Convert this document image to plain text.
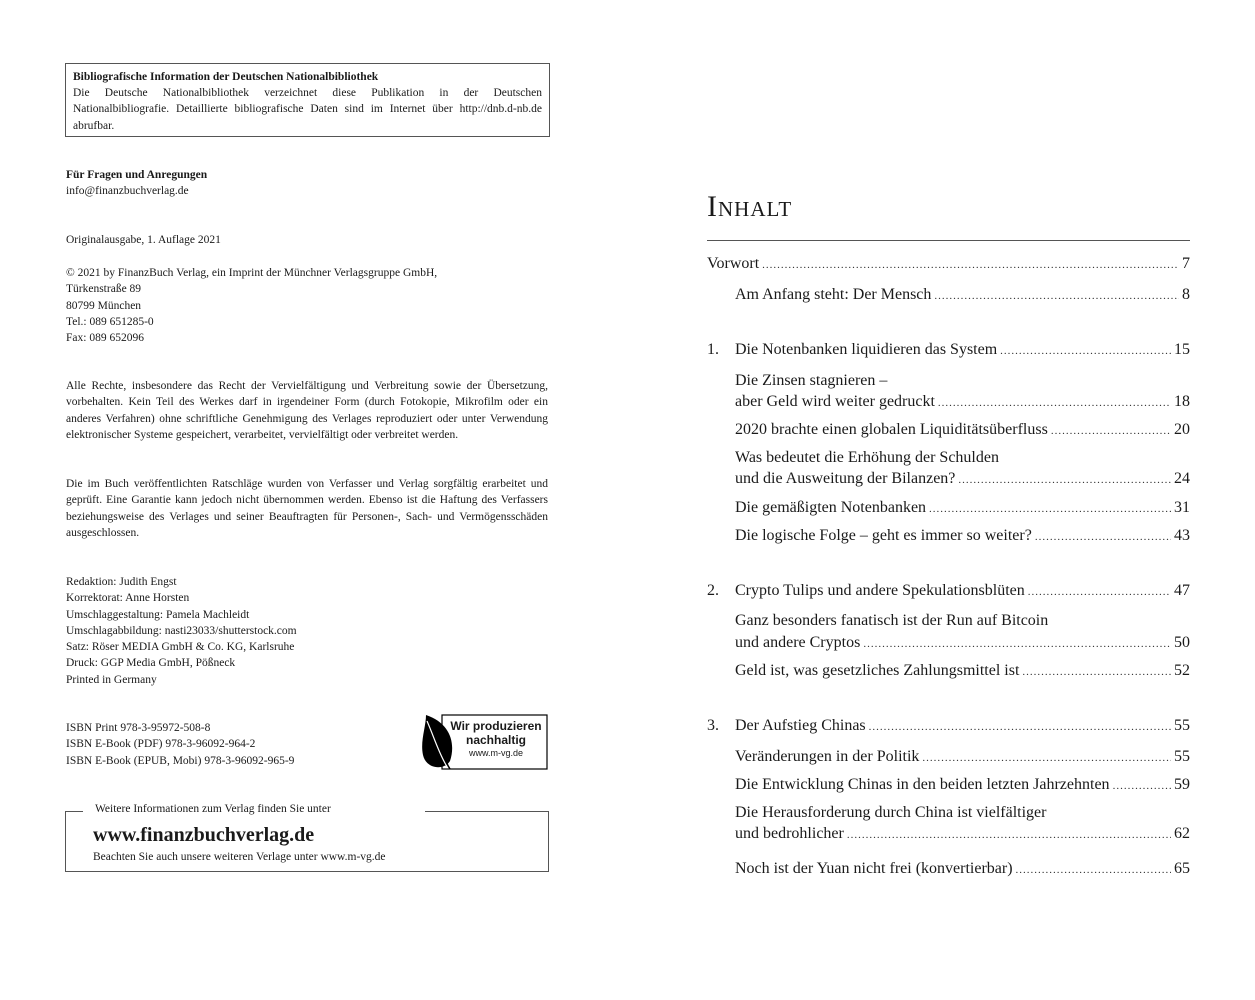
Bibliografische Information der Deutschen Nationalbibliothek
Die Deutsche Nationalbibliothek verzeichnet diese Publikation in der Deutschen Nationalbibliografie. Detaillierte bibliografische Daten sind im Internet über http://dnb.d-nb.de abrufbar.
Für Fragen und Anregungen
info@finanzbuchverlag.de
Originalausgabe, 1. Auflage 2021
© 2021 by FinanzBuch Verlag, ein Imprint der Münchner Verlagsgruppe GmbH,
Türkenstraße 89
80799 München
Tel.: 089 651285-0
Fax: 089 652096
Alle Rechte, insbesondere das Recht der Vervielfältigung und Verbreitung sowie der Übersetzung, vorbehalten. Kein Teil des Werkes darf in irgendeiner Form (durch Fotokopie, Mikrofilm oder ein anderes Verfahren) ohne schriftliche Genehmigung des Verlages reproduziert oder unter Verwendung elektronischer Systeme gespeichert, verarbeitet, vervielfältigt oder verbreitet werden.
Die im Buch veröffentlichten Ratschläge wurden von Verfasser und Verlag sorgfältig erarbeitet und geprüft. Eine Garantie kann jedoch nicht übernommen werden. Ebenso ist die Haftung des Verfassers beziehungsweise des Verlages und seiner Beauftragten für Personen-, Sach- und Vermögensschäden ausgeschlossen.
Redaktion: Judith Engst
Korrektorat: Anne Horsten
Umschlaggestaltung: Pamela Machleidt
Umschlagabbildung: nasti23033/shutterstock.com
Satz: Röser MEDIA GmbH & Co. KG, Karlsruhe
Druck: GGP Media GmbH, Pößneck
Printed in Germany
ISBN Print 978-3-95972-508-8
ISBN E-Book (PDF) 978-3-96092-964-2
ISBN E-Book (EPUB, Mobi) 978-3-96092-965-9
Wir produzieren
nachhaltig
www.m-vg.de
Weitere Informationen zum Verlag finden Sie unter
www.finanzbuchverlag.de
Beachten Sie auch unsere weiteren Verlage unter www.m-vg.de
Inhalt
Vorwort .....	7
Am Anfang steht: Der Mensch .....	8
1. Die Notenbanken liquidieren das System .....	15
Die Zinsen stagnieren –
aber Geld wird weiter gedruckt .....	18
2020 brachte einen globalen Liquiditätsüberfluss .....	20
Was bedeutet die Erhöhung der Schulden
und die Ausweitung der Bilanzen? .....	24
Die gemäßigten Notenbanken .....	31
Die logische Folge – geht es immer so weiter? .....	43
2. Crypto Tulips und andere Spekulationsblüten .....	47
Ganz besonders fanatisch ist der Run auf Bitcoin
und andere Cryptos .....	50
Geld ist, was gesetzliches Zahlungsmittel ist .....	52
3. Der Aufstieg Chinas .....	55
Veränderungen in der Politik .....	55
Die Entwicklung Chinas in den beiden letzten Jahrzehnten .....	59
Die Herausforderung durch China ist vielfältiger
und bedrohlicher .....	62
Noch ist der Yuan nicht frei (konvertierbar) .....	65
